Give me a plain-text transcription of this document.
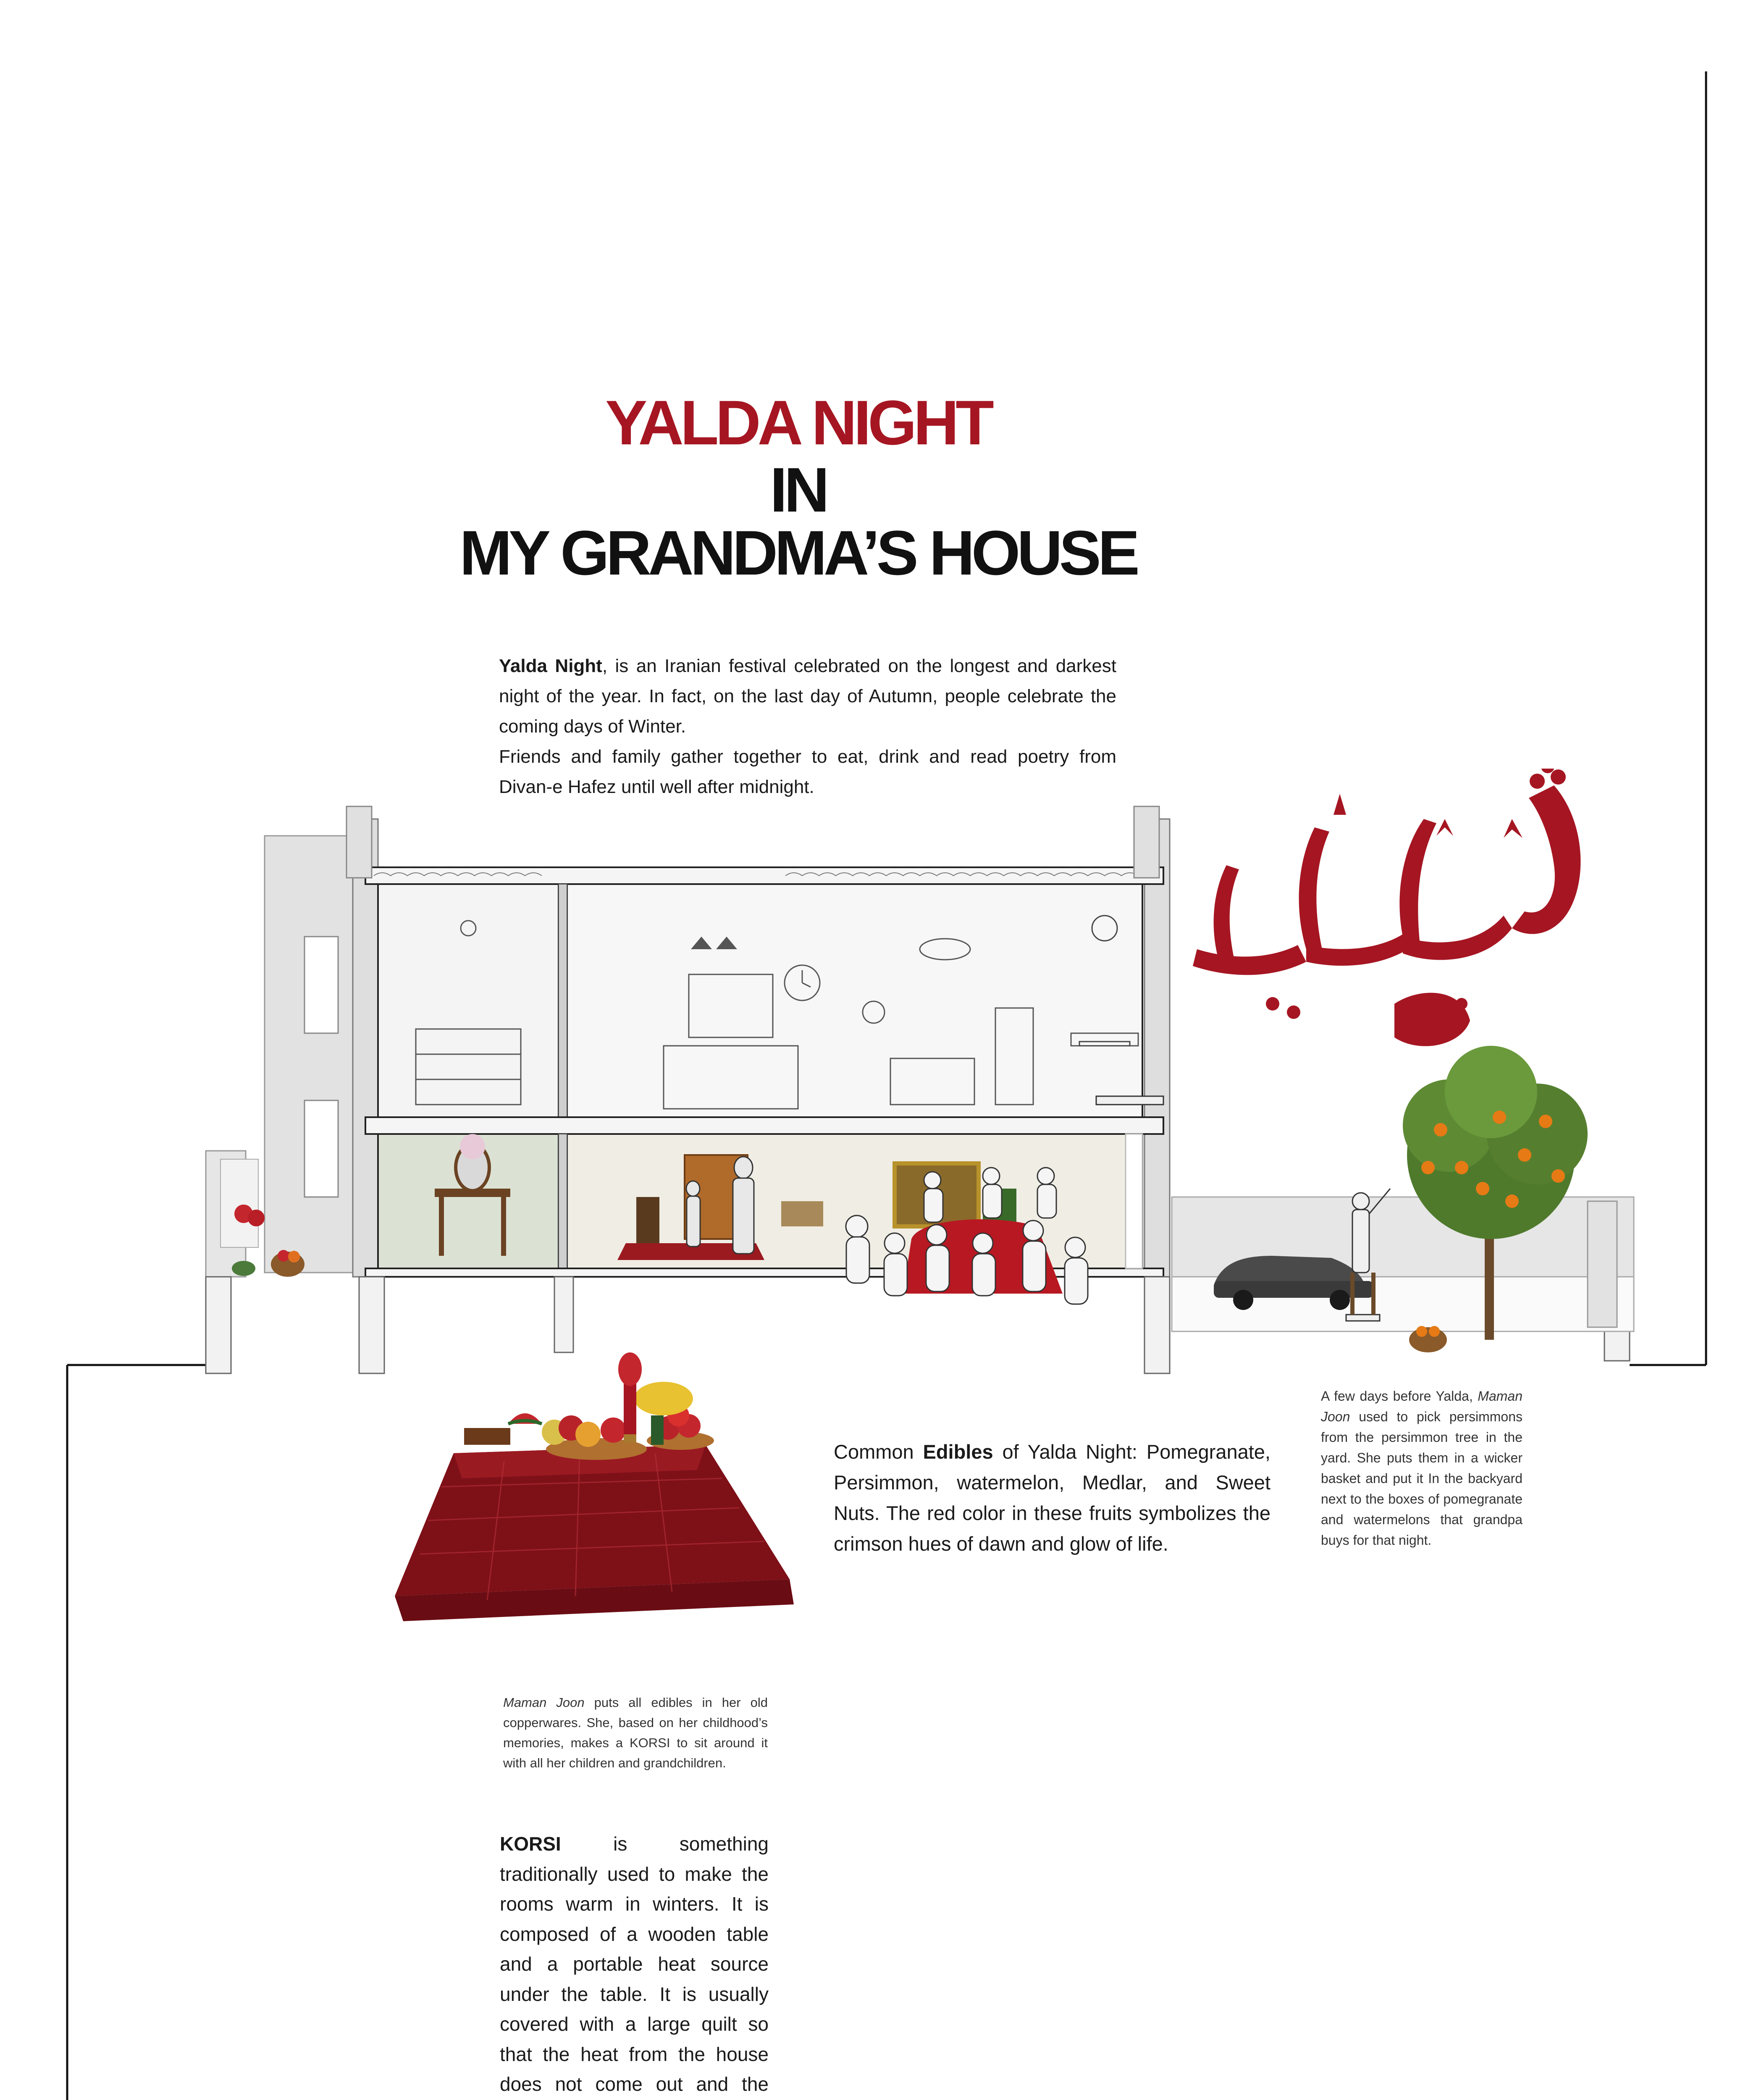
YALDA NIGHT
IN
MY GRANDMA’S HOUSE

Yalda Night, is an Iranian festival celebrated on the longest and darkest night of the year. In fact, on the last day of Autumn, people celebrate the coming days of Winter.

Friends and family gather together to eat, drink and read poetry from Divan-e Hafez until well after midnight.

Common Edibles of Yalda Night: Pomegranate, Persimmon, watermelon, Medlar, and Sweet Nuts. The red color in these fruits symbolizes the crimson hues of dawn and glow of life.
A few days before Yalda, Maman Joon used to pick persimmons from the persimmon tree in the yard. She puts them in a wicker basket and put it In the backyard next to the boxes of pomegranate and watermelons that grandpa buys for that night.
Maman Joon puts all edibles in her old copperwares. She, based on her childhood’s memories, makes a KORSI to sit around it with all her children and grandchildren.
KORSI	is something traditionally used to make the rooms warm in winters. It is composed of a wooden table and a portable heat source under the table. It is usually covered with a large quilt so that the heat from the house does not come out and the
